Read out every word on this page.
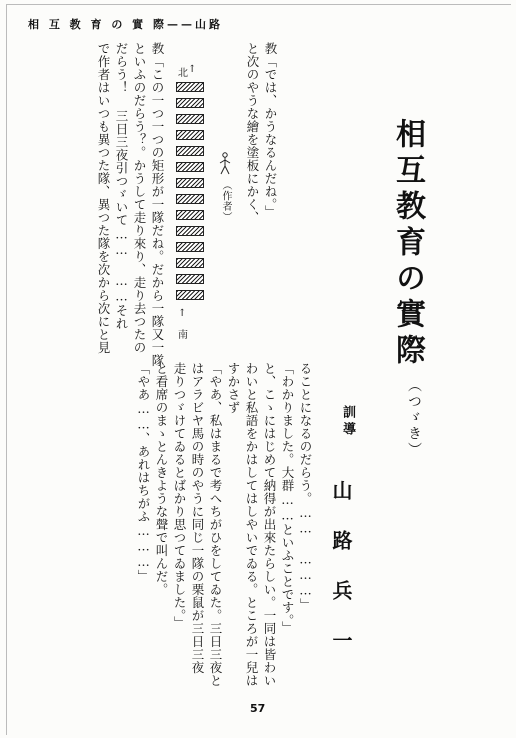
相 互 教 育 の 實 際——山路
相互教育の實際
（つゞき）
訓導
山路兵一
ることになるのだらう。…… ………」
「わかりました。大群……といふことです。」
と、こゝにはじめて納得が出來たらしい。一同は皆わい
わいと私語をかはしてはしやいでゐる。ところが一兒は
すかさず
「やあ、私はまるで考へちがひをしてゐた。三日三夜と
はアラビヤ馬の時のやうに同じ一隊の栗鼠が三日三夜
走りつゞけてゐるとばかり思つてゐました。」
と看席のまゝとんきような聲で叫んだ。
「やあ……、あれはちがふ………」
教「では、かうなるんだね。」
と次のやうな繪を塗板にかく、
北 ↑
↑
南
（作者）
教「この一つ一つの矩形が一隊だね。だから一隊又一隊
といふのだらう？。かうして走り來り、走り去つたの
だらう！ 三日三夜引つゞいて…… ……それ
で作者はいつも異つた隊、異つた隊を次から次にと見
57
